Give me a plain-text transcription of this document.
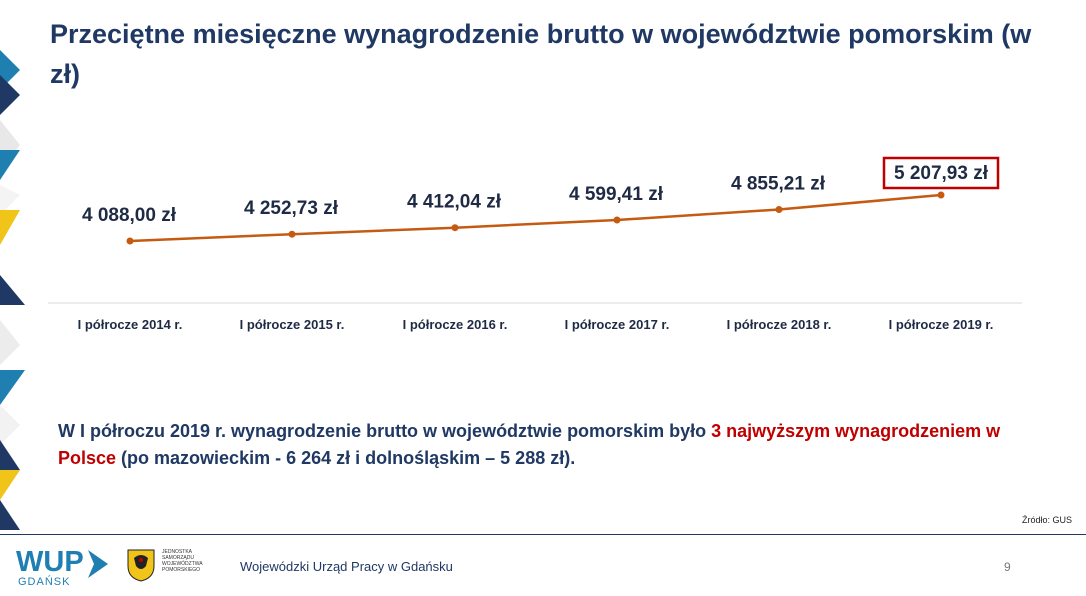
Przeciętne miesięczne wynagrodzenie brutto w województwie pomorskim (w zł)
4 088,00 zł
I półrocze 2014 r.
4 252,73 zł
I półrocze 2015 r.
4 412,04 zł
I półrocze 2016 r.
4 599,41 zł
I półrocze 2017 r.
4 855,21 zł
I półrocze 2018 r.
5 207,93 zł
I półrocze 2019 r.
W I półroczu 2019 r. wynagrodzenie brutto w województwie pomorskim było 3 najwyższym wynagrodzeniem w Polsce (po mazowieckim - 6 264 zł i dolnośląskim – 5 288 zł).
Źródło: GUS
WUP
GDAŃSK
JEDNOSTKA SAMORZĄDU WOJEWÓDZTWA POMORSKIEGO	Wojewódzki Urząd Pracy w Gdańsku	9
